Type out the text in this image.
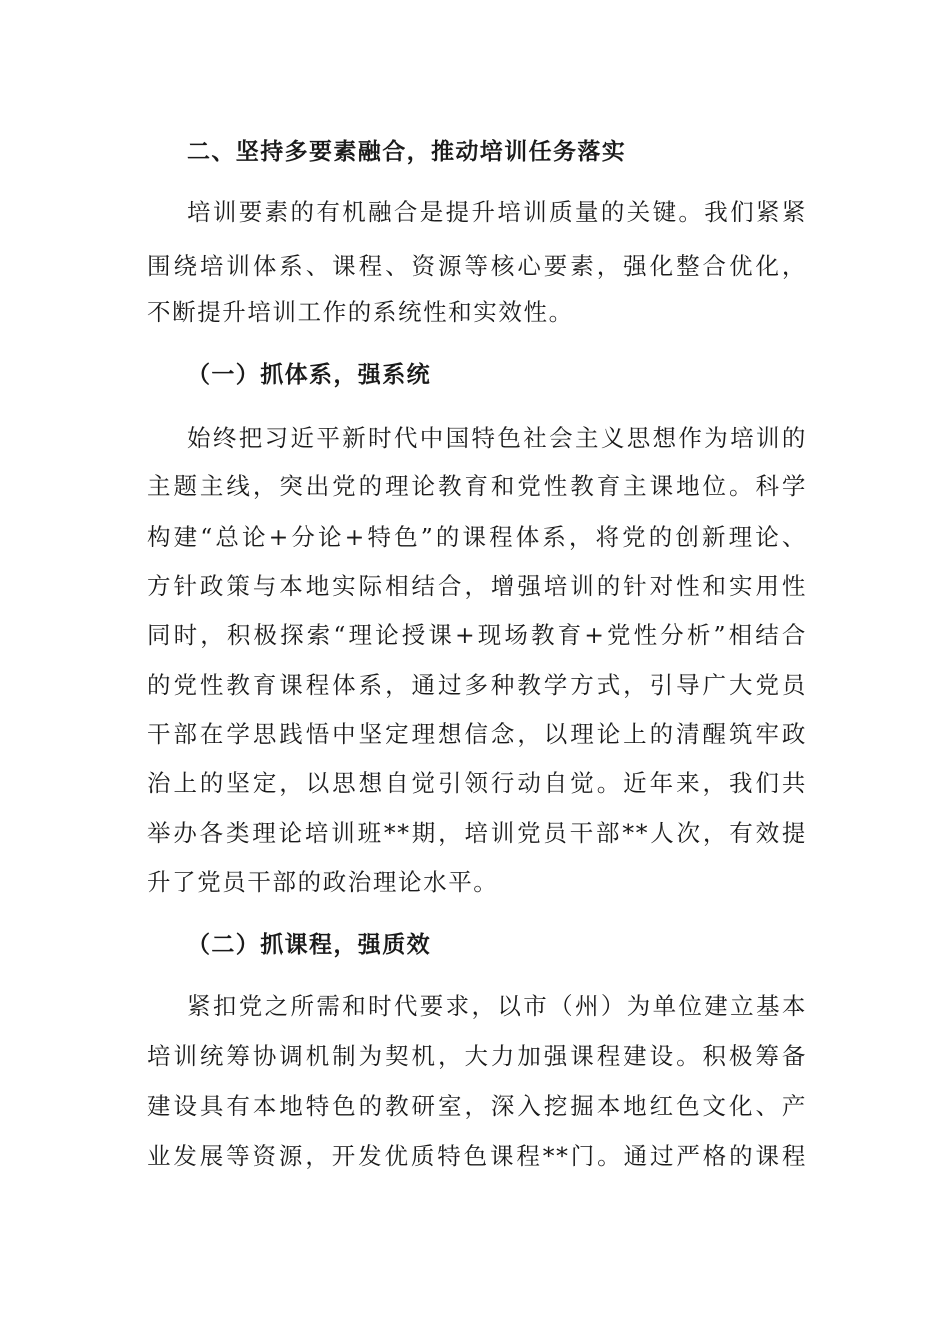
二、坚持多要素融合，推动培训任务落实
培训要素的有机融合是提升培训质量的关键。我们紧紧
围绕培训体系、课程、资源等核心要素，强化整合优化，
不断提升培训工作的系统性和实效性。
（一）抓体系，强系统
始终把习近平新时代中国特色社会主义思想作为培训的
主题主线，突出党的理论教育和党性教育主课地位。科学
构建“总论+分论+特色”的课程体系，将党的创新理论、
方针政策与本地实际相结合，增强培训的针对性和实用性
同时，积极探索“理论授课+现场教育+党性分析”相结合
的党性教育课程体系，通过多种教学方式，引导广大党员
干部在学思践悟中坚定理想信念，以理论上的清醒筑牢政
治上的坚定，以思想自觉引领行动自觉。近年来，我们共
举办各类理论培训班**期，培训党员干部**人次，有效提
升了党员干部的政治理论水平。
（二）抓课程，强质效
紧扣党之所需和时代要求，以市（州）为单位建立基本
培训统筹协调机制为契机，大力加强课程建设。积极筹备
建设具有本地特色的教研室，深入挖掘本地红色文化、产
业发展等资源，开发优质特色课程**门。通过严格的课程
